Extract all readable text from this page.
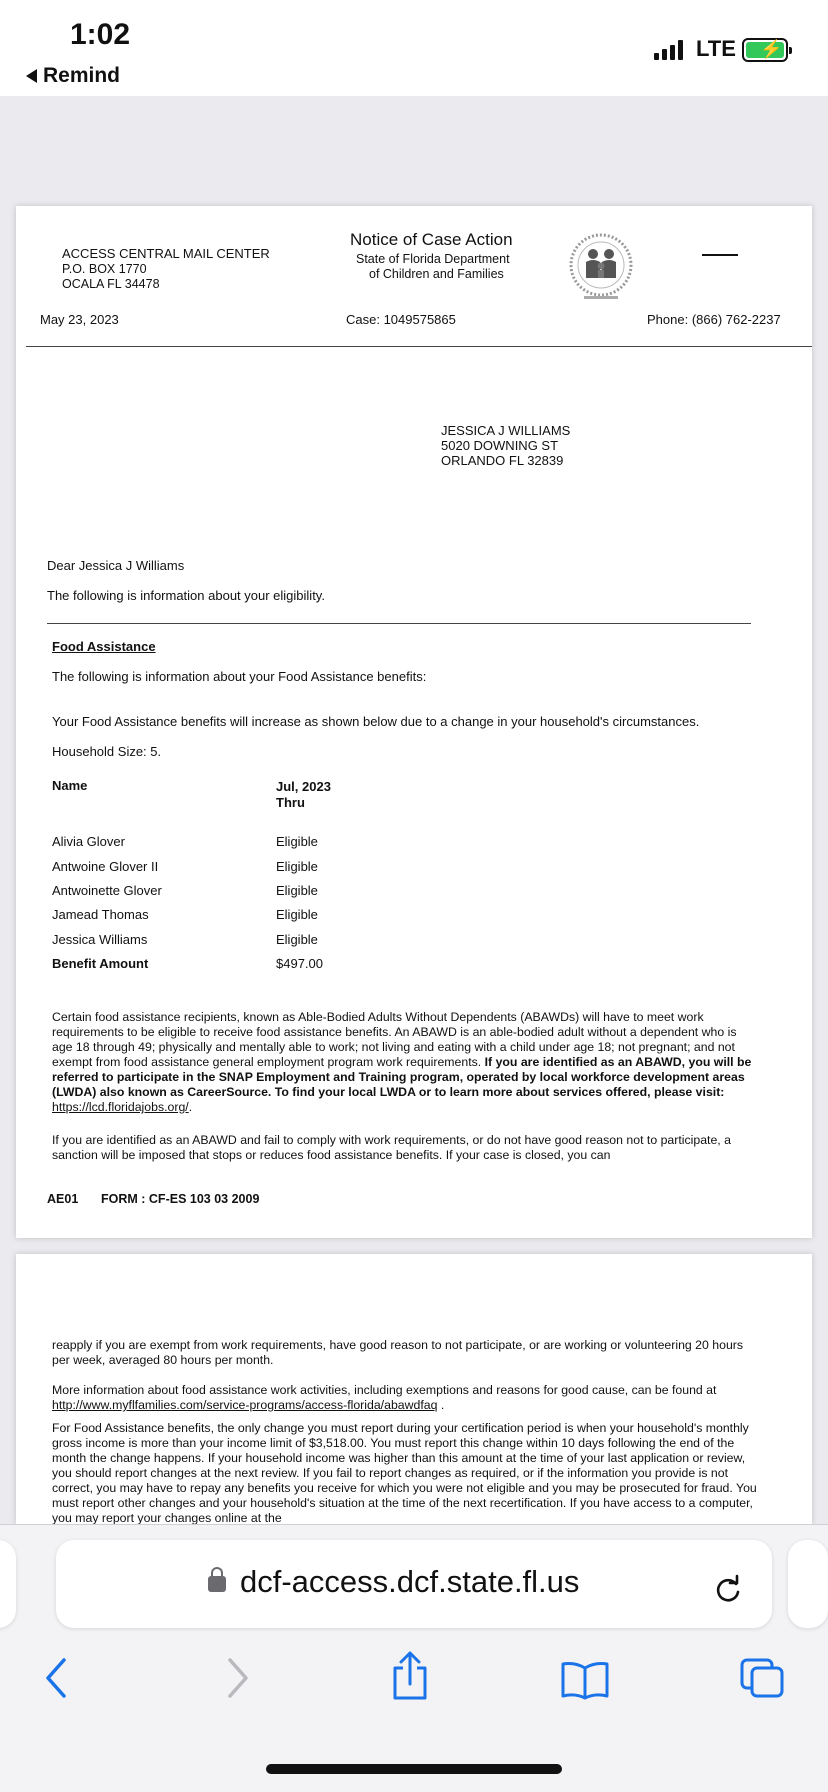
1:02
Remind
LTE ⚡
ACCESS CENTRAL MAIL CENTER
P.O. BOX 1770
OCALA FL 34478
Notice of Case Action
State of Florida Department
of Children and Families
May 23, 2023	Case: 1049575865	Phone: (866) 762-2237
JESSICA J WILLIAMS
5020 DOWNING ST
ORLANDO FL 32839
Dear Jessica J Williams
The following is information about your eligibility.
Food Assistance
The following is information about your Food Assistance benefits:
Your Food Assistance benefits will increase as shown below due to a change in your household's circumstances.
Household Size: 5.
Name	Jul, 2023
Thru
Alivia Glover	Eligible
Antwoine Glover II	Eligible
Antwoinette Glover	Eligible
Jamead Thomas	Eligible
Jessica Williams	Eligible
Benefit Amount	$497.00
Certain food assistance recipients, known as Able-Bodied Adults Without Dependents (ABAWDs) will have to meet work requirements to be eligible to receive food assistance benefits. An ABAWD is an able-bodied adult without a dependent who is age 18 through 49; physically and mentally able to work; not living and eating with a child under age 18; not pregnant; and not exempt from food assistance general employment program work requirements. If you are identified as an ABAWD, you will be referred to participate in the SNAP Employment and Training program, operated by local workforce development areas (LWDA) also known as CareerSource. To find your local LWDA or to learn more about services offered, please visit: https://lcd.floridajobs.org/.
If you are identified as an ABAWD and fail to comply with work requirements, or do not have good reason not to participate, a sanction will be imposed that stops or reduces food assistance benefits. If your case is closed, you can
AE01 FORM : CF-ES 103 03 2009
reapply if you are exempt from work requirements, have good reason to not participate, or are working or volunteering 20 hours per week, averaged 80 hours per month.
More information about food assistance work activities, including exemptions and reasons for good cause, can be found at http://www.myflfamilies.com/service-programs/access-florida/abawdfaq .
For Food Assistance benefits, the only change you must report during your certification period is when your household's monthly gross income is more than your income limit of $3,518.00. You must report this change within 10 days following the end of the month the change happens. If your household income was higher than this amount at the time of your last application or review, you should report changes at the next review. If you fail to report changes as required, or if the information you provide is not correct, you may have to repay any benefits you receive for which you were not eligible and you may be prosecuted for fraud. You must report other changes and your household's situation at the time of the next recertification. If you have access to a computer, you may report your changes online at the
dcf-access.dcf.state.fl.us
